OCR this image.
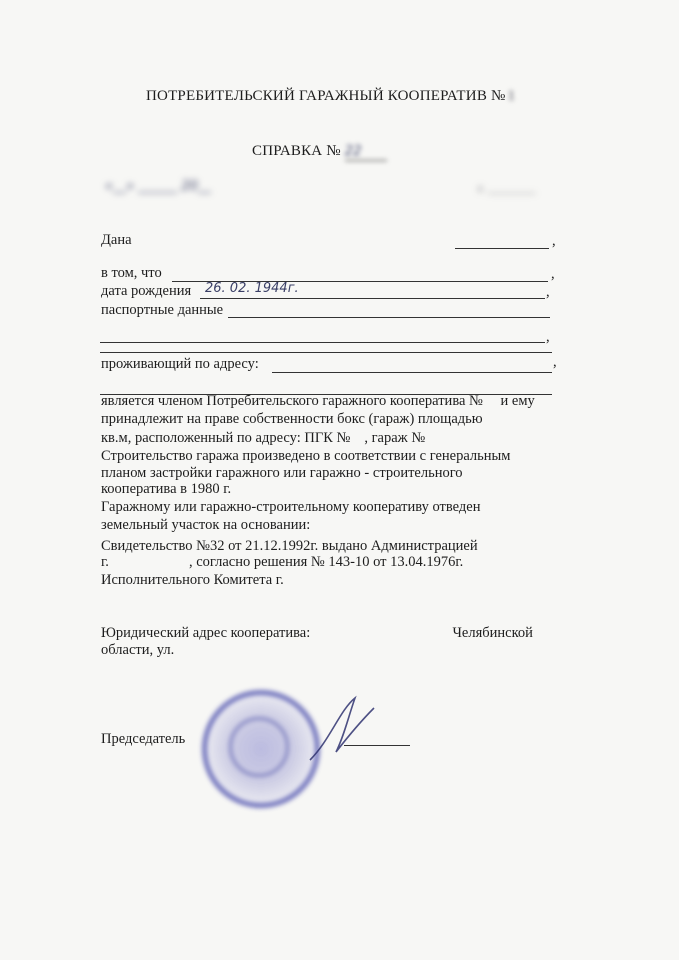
ПОТРЕБИТЕЛЬСКИЙ ГАРАЖНЫЙ КООПЕРАТИВ № 1
СПРАВКА № 22
«__» ______ 20__	г. ________
Дана
	,
в том, что
	,
дата рождения 26. 02. 1944г.	,
паспортные данные

,
проживающий по адресу:
	,

является членом Потребительского гаражного кооператива № и ему
принадлежит на праве собственности бокс (гараж) площадью
кв.м, расположенный по адресу: ПГК № , гараж №
Строительство гаража произведено в соответствии с генеральным
планом застройки гаражного или гаражно - строительного
кооператива в 1980 г.
Гаражному или гаражно-строительному кооперативу отведен
земельный участок на основании:
Свидетельство №32 от 21.12.1992г. выдано Администрацией
г.	, согласно решения № 143-10 от 13.04.1976г.
Исполнительного Комитета г.
Юридический адрес кооператива:	Челябинской
области, ул.
Председатель
